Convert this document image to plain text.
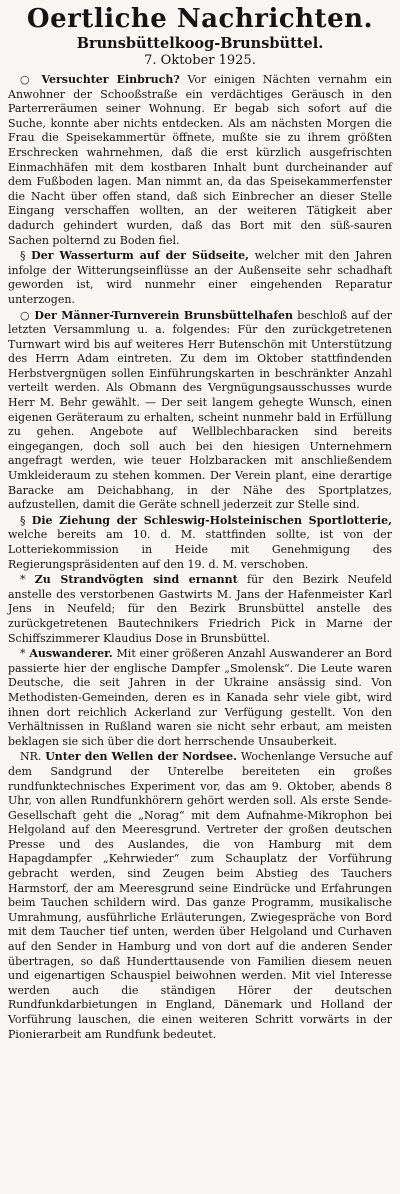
Oertliche Nachrichten.
Brunsbüttelkoog-Brunsbüttel.
7. Oktober 1925.

○ Versuchter Einbruch? Vor einigen Nächten vernahm ein Anwohner der Schooßstraße ein verdächtiges Geräusch in den Parterreräumen seiner Wohnung. Er begab sich sofort auf die Suche, konnte aber nichts entdecken. Als am nächsten Morgen die Frau die Speisekammertür öffnete, mußte sie zu ihrem größten Erschrecken wahrnehmen, daß die erst kürzlich ausgefrischten Einmachhäfen mit dem kostbaren Inhalt bunt durcheinander auf dem Fußboden lagen. Man nimmt an, da das Speisekammerfenster die Nacht über offen stand, daß sich Einbrecher an dieser Stelle Eingang verschaffen wollten, an der weiteren Tätigkeit aber dadurch gehindert wurden, daß das Bort mit den süß-sauren Sachen polternd zu Boden fiel.

§ Der Wasserturm auf der Südseite, welcher mit den Jahren infolge der Witterungseinflüsse an der Außenseite sehr schadhaft geworden ist, wird nunmehr einer eingehenden Reparatur unterzogen.

○ Der Männer-Turnverein Brunsbüttelhafen beschloß auf der letzten Versammlung u. a. folgendes: Für den zurückgetretenen Turnwart wird bis auf weiteres Herr Butenschön mit Unterstützung des Herrn Adam eintreten. Zu dem im Oktober stattfindenden Herbstvergnügen sollen Einführungskarten in beschränkter Anzahl verteilt werden. Als Obmann des Vergnügungsausschusses wurde Herr M. Behr gewählt. — Der seit langem gehegte Wunsch, einen eigenen Geräteraum zu erhalten, scheint nunmehr bald in Erfüllung zu gehen. Angebote auf Wellblechbaracken sind bereits eingegangen, doch soll auch bei den hiesigen Unternehmern angefragt werden, wie teuer Holzbaracken mit anschließendem Umkleideraum zu stehen kommen. Der Verein plant, eine derartige Baracke am Deichabhang, in der Nähe des Sportplatzes, aufzustellen, damit die Geräte schnell jederzeit zur Stelle sind.

§ Die Ziehung der Schleswig-Holsteinischen Sportlotterie, welche bereits am 10. d. M. stattfinden sollte, ist von der Lotteriekommission in Heide mit Genehmigung des Regierungspräsidenten auf den 19. d. M. verschoben.

* Zu Strandvögten sind ernannt für den Bezirk Neufeld anstelle des verstorbenen Gastwirts M. Jans der Hafenmeister Karl Jens in Neufeld; für den Bezirk Brunsbüttel anstelle des zurückgetretenen Bautechnikers Friedrich Pick in Marne der Schiffszimmerer Klaudius Dose in Brunsbüttel.

* Auswanderer. Mit einer größeren Anzahl Auswanderer an Bord passierte hier der englische Dampfer „Smolensk“. Die Leute waren Deutsche, die seit Jahren in der Ukraine ansässig sind. Von Methodisten-Gemeinden, deren es in Kanada sehr viele gibt, wird ihnen dort reichlich Ackerland zur Verfügung gestellt. Von den Verhältnissen in Rußland waren sie nicht sehr erbaut, am meisten beklagen sie sich über die dort herrschende Unsauberkeit.

NR. Unter den Wellen der Nordsee. Wochenlange Versuche auf dem Sandgrund der Unterelbe bereiteten ein großes rundfunktechnisches Experiment vor, das am 9. Oktober, abends 8 Uhr, von allen Rundfunkhörern gehört werden soll. Als erste Sende-Gesellschaft geht die „Norag“ mit dem Aufnahme-Mikrophon bei Helgoland auf den Meeresgrund. Vertreter der großen deutschen Presse und des Auslandes, die von Hamburg mit dem Hapagdampfer „Kehrwieder“ zum Schauplatz der Vorführung gebracht werden, sind Zeugen beim Abstieg des Tauchers Harmstorf, der am Meeresgrund seine Eindrücke und Erfahrungen beim Tauchen schildern wird. Das ganze Programm, musikalische Umrahmung, ausführliche Erläuterungen, Zwiegespräche von Bord mit dem Taucher tief unten, werden über Helgoland und Curhaven auf den Sender in Hamburg und von dort auf die anderen Sender übertragen, so daß Hunderttausende von Familien diesem neuen und eigenartigen Schauspiel beiwohnen werden. Mit viel Interesse werden auch die ständigen Hörer der deutschen Rundfunkdarbietungen in England, Dänemark und Holland der Vorführung lauschen, die einen weiteren Schritt vorwärts in der Pionierarbeit am Rundfunk bedeutet.
